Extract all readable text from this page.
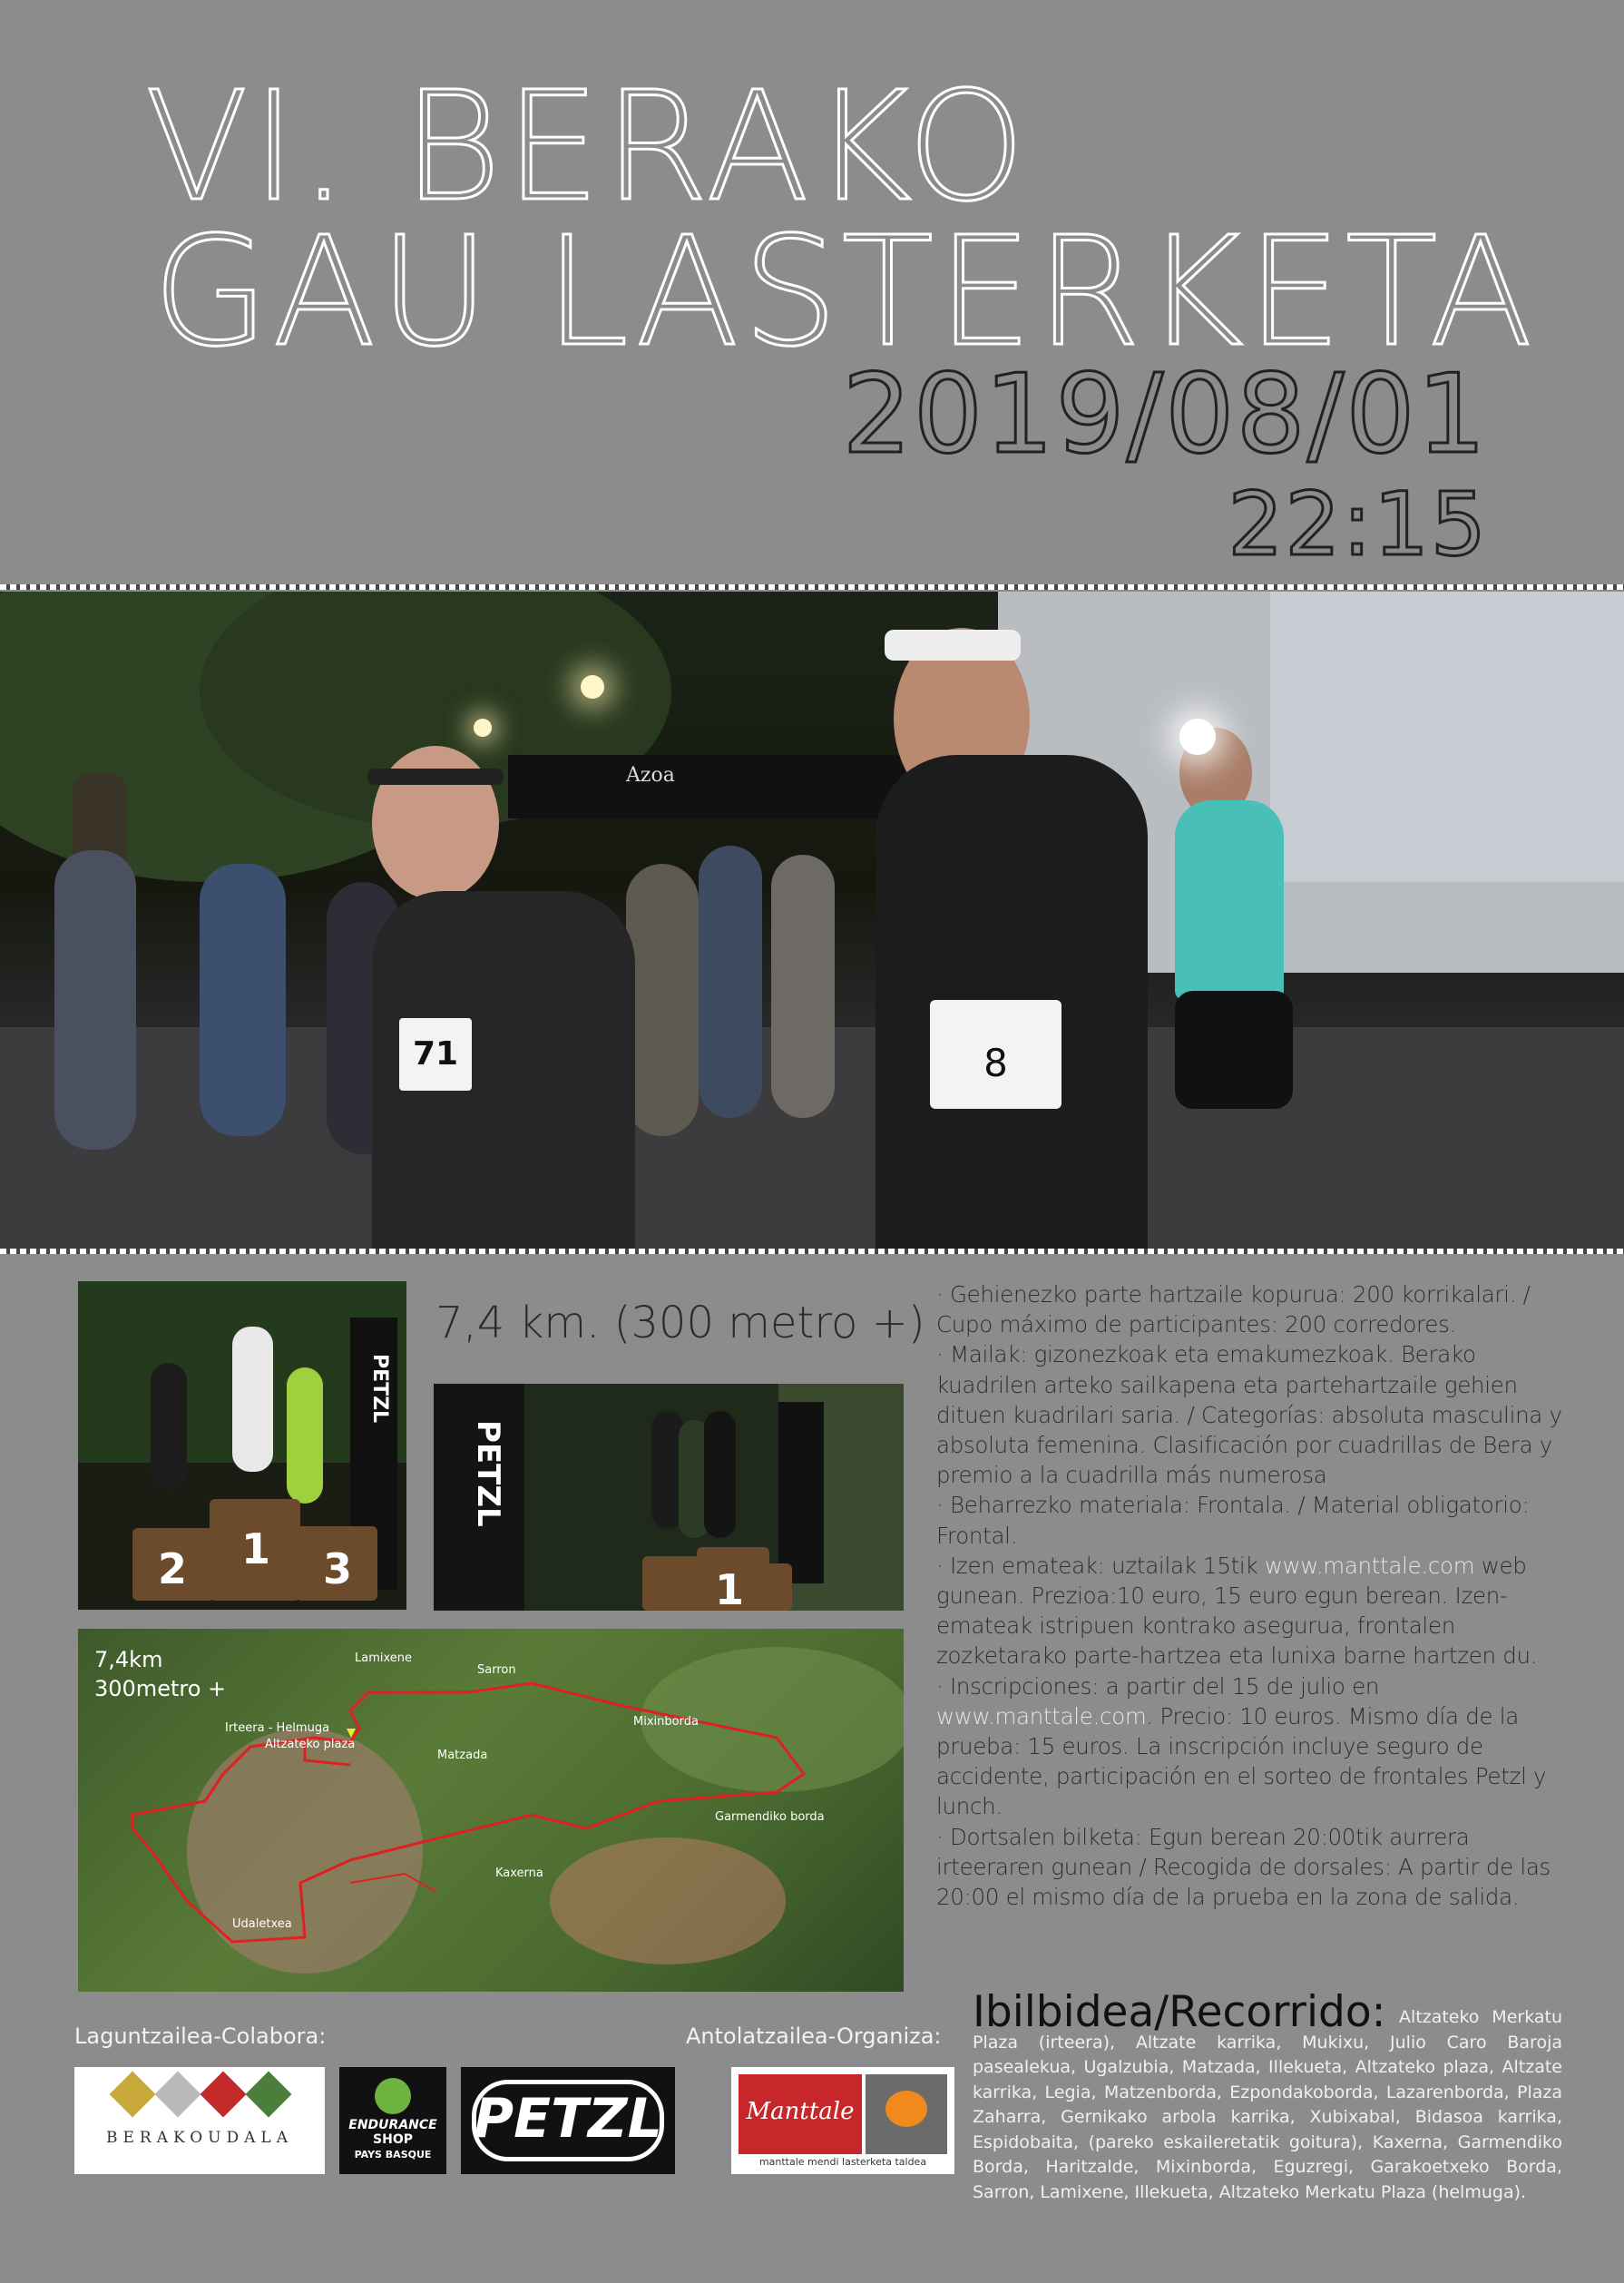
VI. BERAKO
GAU LASTERKETA
2019/08/01
22:15
Azoa
71	8
PETZL
2 1 3
7,4 km. (300 metro +)
PETZL
1
7,4km
300metro +
Lamixene
Sarron
Irteera - Helmuga
Altzateko plaza
Matzada
Mixinborda
Garmendiko borda
Kaxerna
Udaletxea
· Gehienezko parte hartzaile kopurua: 200 korrikalari. / Cupo máximo de participantes: 200 corredores.
· Mailak: gizonezkoak eta emakumezkoak. Berako kuadrilen arteko sailkapena eta partehartzaile gehien dituen kuadrilari saria. / Categorías: absoluta masculina y absoluta femenina. Clasificación por cuadrillas de Bera y premio a la cuadrilla más numerosa
· Beharrezko materiala: Frontala. / Material obligatorio: Frontal.
· Izen emateak: uztailak 15tik www.manttale.com web gunean. Prezioa:10 euro, 15 euro egun berean. Izen-emateak istripuen kontrako asegurua, frontalen zozketarako parte-hartzea eta lunixa barne hartzen du.
· Inscripciones: a partir del 15 de julio en www.manttale.com. Precio: 10 euros. Mismo día de la prueba: 15 euros. La inscripción incluye seguro de accidente, participación en el sorteo de frontales Petzl y lunch.
· Dortsalen bilketa: Egun berean 20:00tik aurrera irteeraren gunean / Recogida de dorsales: A partir de las 20:00 el mismo día de la prueba en la zona de salida.
Laguntzailea-Colabora:	Antolatzailea-Organiza:
BERAKOUDALA
ENDURANCE
SHOP
PAYS BASQUE
PETZL	Manttale
manttale mendi lasterketa taldea
Ibilbidea/Recorrido: Altzateko Merkatu Plaza (irteera), Altzate karrika, Mukixu, Julio Caro Baroja pasealekua, Ugalzubia, Matzada, Illekueta, Altzateko plaza, Altzate karrika, Legia, Matzenborda, Ezpondakoborda, Lazarenborda, Plaza Zaharra, Gernikako arbola karrika, Xubixabal, Bidasoa karrika, Espidobaita, (pareko eskaileretatik goitura), Kaxerna, Garmendiko Borda, Haritzalde, Mixinborda, Eguzregi, Garakoetxeko Borda, Sarron, Lamixene, Illekueta, Altzateko Merkatu Plaza (helmuga).
